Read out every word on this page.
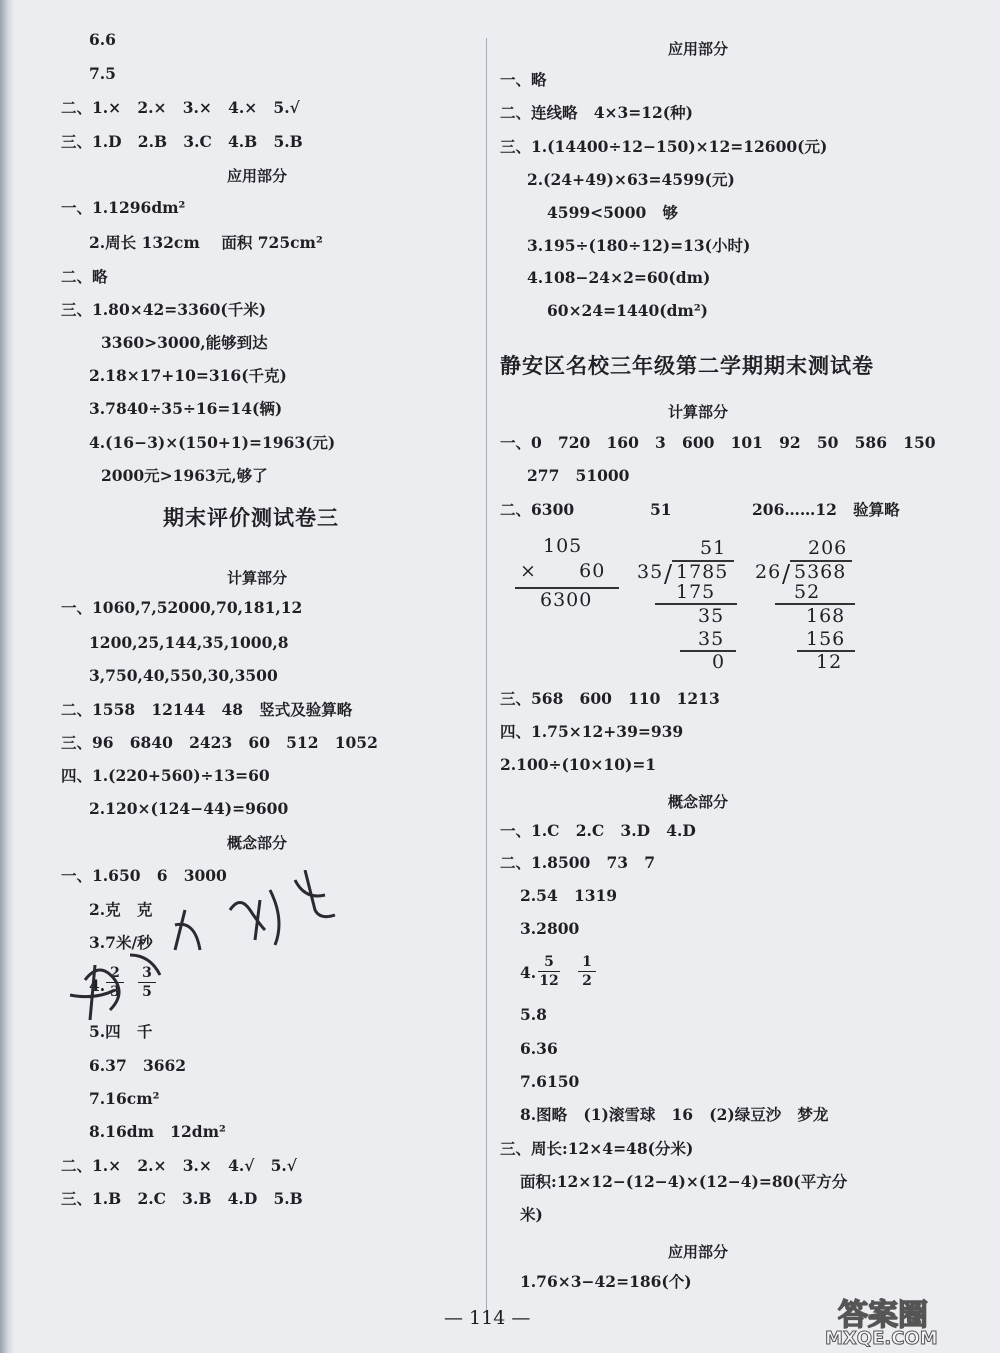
6.6
7.5
二、1.×   2.×   3.×   4.×   5.√
三、1.D   2.B   3.C   4.B   5.B
应用部分
一、1.1296dm²
2.周长 132cm    面积 725cm²
二、略
三、1.80×42=3360(千米)
3360>3000,能够到达
2.18×17+10=316(千克)
3.7840÷35÷16=14(辆)
4.(16−3)×(150+1)=1963(元)
2000元>1963元,够了
期末评价测试卷三
计算部分
一、1060,7,52000,70,181,12
1200,25,144,35,1000,8
3,750,40,550,30,3500
二、1558   12144   48   竖式及验算略
三、96   6840   2423   60   512   1052
四、1.(220+560)÷13=60
2.120×(124−44)=9600
概念部分
一、1.650   6   3000
2.克   克
3.7米/秒
4.
2
3
3
5
5.四   千
6.37   3662
7.16cm²
8.16dm   12dm²
二、1.×   2.×   3.×   4.√   5.√
三、1.B   2.C   3.B   4.D   5.B
应用部分
一、略
二、连线略   4×3=12(种)
三、1.(14400÷12−150)×12=12600(元)
2.(24+49)×63=4599(元)
4599<5000   够
3.195÷(180÷12)=13(小时)
4.108−24×2=60(dm)
60×24=1440(dm²)
静安区名校三年级第二学期期末测试卷
计算部分
一、0   720   160   3   600   101   92   50   586   150
277   51000
二、6300	51	206……12   验算略
105
×      60
6300
51
35 / 1785
175
35
35
0
206
26 / 5368
52
168
156
12
三、568   600   110   1213
四、1.75×12+39=939
2.100÷(10×10)=1
概念部分
一、1.C   2.C   3.D   4.D
二、1.8500   73   7
2.54   1319
3.2800
4.
5
12
1
2
5.8
6.36
7.6150
8.图略   (1)滚雪球   16   (2)绿豆沙   梦龙
三、周长:12×4=48(分米)
面积:12×12−(12−4)×(12−4)=80(平方分
米)
应用部分
1.76×3−42=186(个)
— 114 —	答案圈
MXQE.COM
